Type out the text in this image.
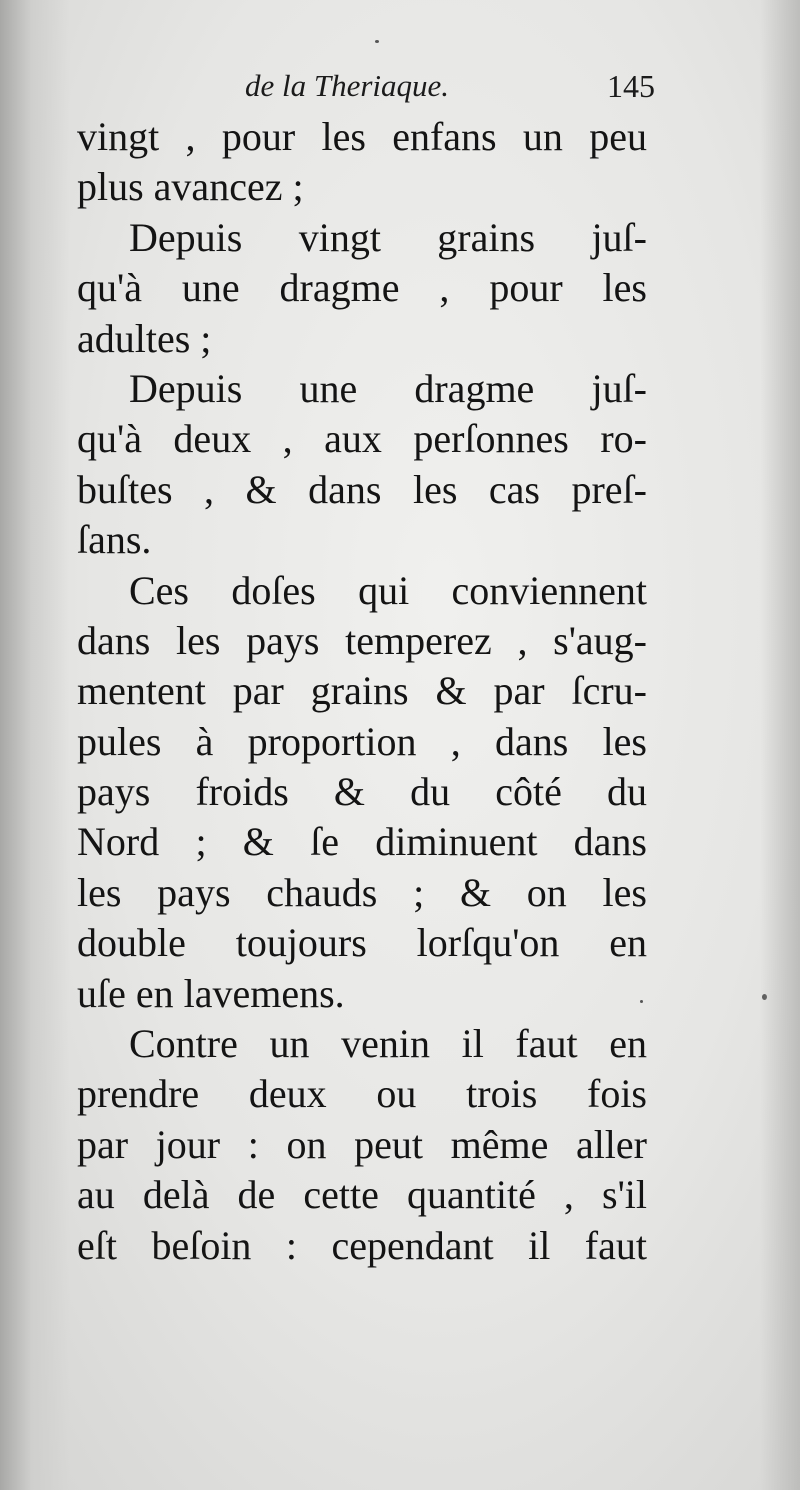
de la Theriaque.	145
vingt , pour les enfans un peu
plus avancez ;
Depuis vingt grains juſ-
qu'à une dragme , pour les
adultes ;
Depuis une dragme juſ-
qu'à deux , aux perſonnes ro-
buſtes , & dans les cas preſ-
ſans.
Ces doſes qui conviennent
dans les pays temperez , s'aug-
mentent par grains & par ſcru-
pules à proportion , dans les
pays froids & du côté du
Nord ; & ſe diminuent dans
les pays chauds ; & on les
double toujours lorſqu'on en
uſe en lavemens.
Contre un venin il faut en
prendre deux ou trois fois
par jour : on peut même aller
au delà de cette quantité , s'il
eſt beſoin : cependant il faut
